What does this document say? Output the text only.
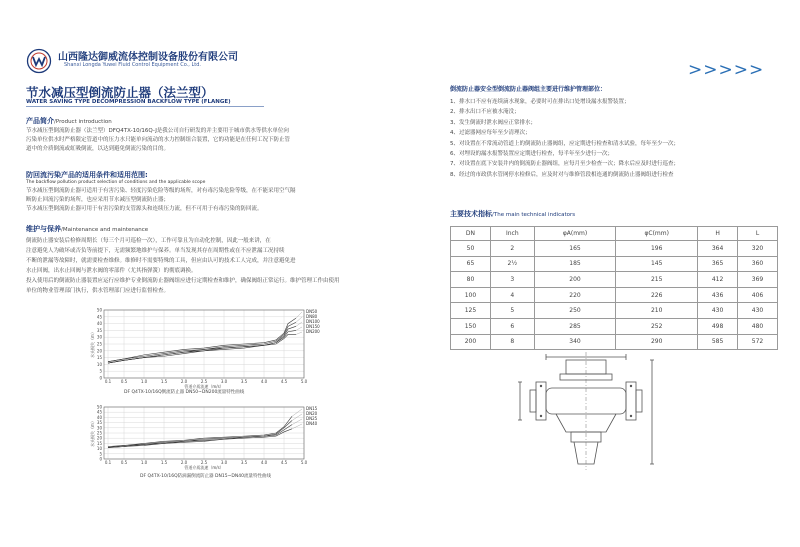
山西隆达御威流体控制设备股份有限公司
Shanxi Longda Yuwei Fluid Control Equipment Co., Ltd.	>>>>>
节水减压型倒流防止器（法兰型）
WATER SAVING TYPE DECOMPRESSION BACKFLOW TYPE (FLANGE)
产品简介/Product introduction
节水减压型倒流防止器（法兰型）DFQ4TX-10/16Q-J是我公司自行研发的并主要用于城市供水等供水单位向
污染单位供水时严格限定管道中的压力水只能单向流动的水力控制组合装置，它的功能是在任何工况下防止管
道中的介质倒流或虹吸倒流，以达到避免倒流污染的目的。
防回流污染产品的适用条件和适用范围:
The backflow pollution product selection of conditions and the applicable scope
节水减压型倒流防止器可适用于有害污染、轻度污染危险等级的场所，对有毒污染危险等级，在不能采用空气隔
断防止回流污染的场所，也应采用节水减压型倒流防止器；
节水减压型倒流防止器可用于有害污染的支管源头和连续压力流，但不可用于有毒污染的防回流。
维护与保养/Maintenance and maintenance
倒流防止器安装后检修周期长（每三个月可巡检一次），工作可靠且为自动化控制，因此一般来讲，在
注意避免人为破坏或否负等前提下，无需频繁地维护与保养。单当发现其存在周期性或在不应泄漏工况持续
不断的泄漏等故障时，就需要检查维修。维修时不需要特殊的工具，但应由认可的技术工人完成，并注意避免进
水止回阀，出水止回阀与泄水阀的零部件（尤其指弹簧）的彻底调换。
投入使用后的倒流防止器装置应运行应维护专业倒流防止器阀组应进行定期检查和维护，确保阀组正常运行。维护管理工作由使用
单位的物业管理部门执行，供水管理部门应进行监督检查。
0
5
10
15
20
25
30
35
40
45
50
0.1 0.5	1.0	1.5	2.0	2.5	3.0	3.5	4.0	4.5	5.0
管道介质流速（m/s）
水头损失（m）
DN50
DN80
DN100
DN150
DN200
DF Q4TX-10/16Q倒流防止器 DN50~DN200流量特性曲线
0
5
10
15
20
25
30
35
40
45
50
0.1 0.5	1.0	1.5	2.0	2.5	3.0	3.5	4.0	4.5	5.0
管道介质流速（m/s）
水头损失（m）
DN15
DN20
DN25
DN40
DF Q4TX-10/16Q防滴漏倒流防止器 DN15~DN40流量特性曲线
倒流防止器安全型倒流防止器阀组主要进行维护管理部位：
1、排水口不应有连续滴水现象，必要时可在排出口处增设漏水报警装置；
2、排水出口不应被水淹没；
3、发生倒流时泄水阀应正常排水；
4、过滤器网应每年至少清理次；
5、对设置在不常流动管道上的倒流防止器阀组，应定期进行检查和清水试验，每年至少一次；
6、对埋设的漏水报警装置应定期进行检查，每半年至少进行一次；
7、对设置在底下安装井内的倒流防止器阀组，应每月至少检查一次；降水后应及时进行巡查；
8、经过的市政供水管网停水检修后，应及时对与维修管段相连通的倒流防止器阀组进行检查
主要技术指标/The main technical indicators
DN	Inch	φA(mm)	φC(mm)	H	L
50	2	165	196	364	320
65	2½	185	145	365	360
80	3	200	215	412	369
100	4	220	226	436	406
125	5	250	210	430	430
150	6	285	252	498	480
200	8	340	290	585	572
